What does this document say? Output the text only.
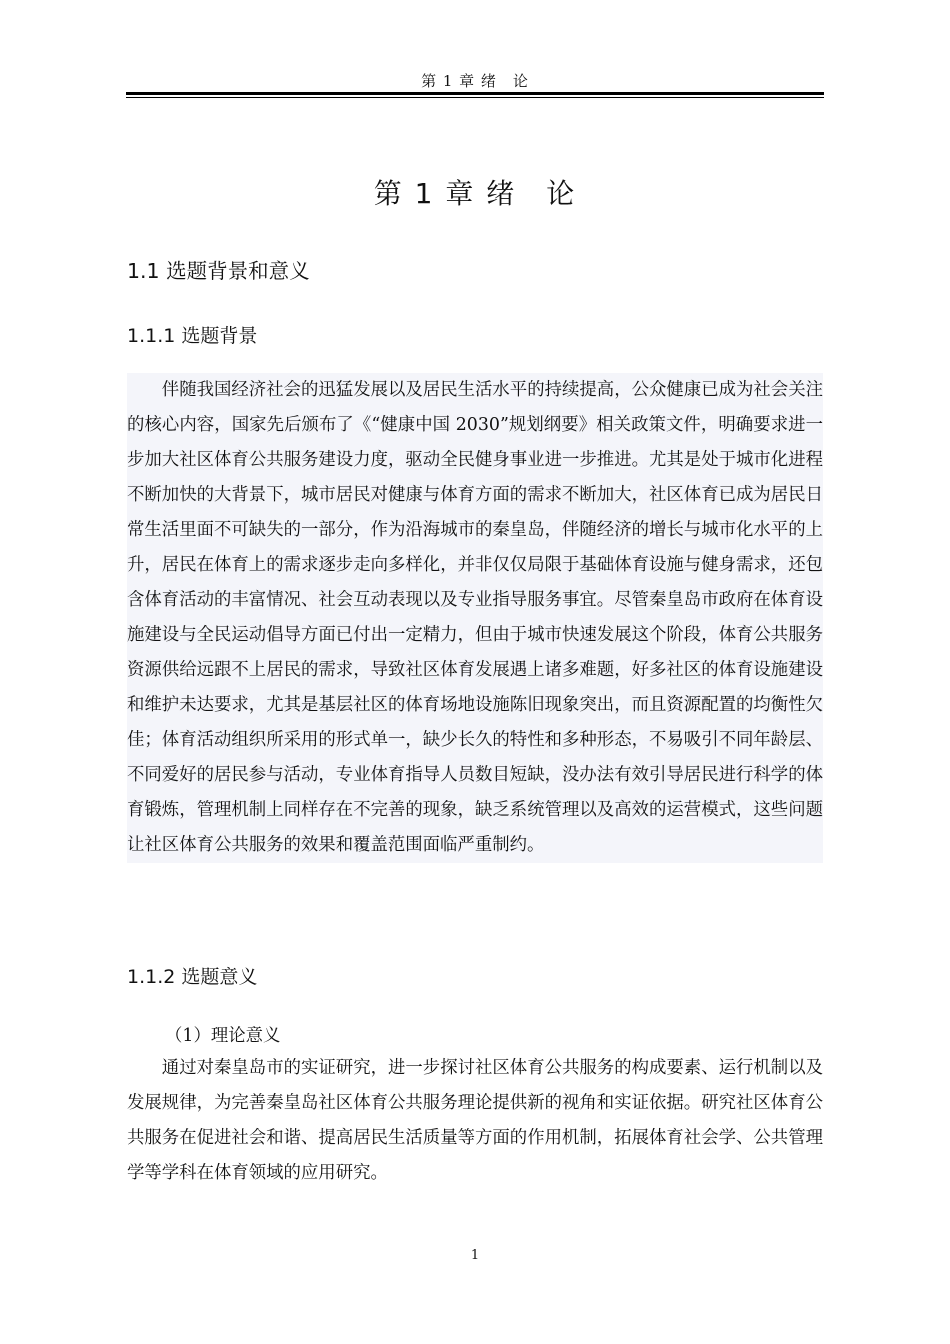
第 1 章 绪　论
第 1 章 绪　论
1.1 选题背景和意义
1.1.1 选题背景

伴随我国经济社会的迅猛发展以及居民生活水平的持续提高，公众健康已成为社会关注的核心内容，国家先后颁布了《“健康中国 2030”规划纲要》相关政策文件，明确要求进一步加大社区体育公共服务建设力度，驱动全民健身事业进一步推进。尤其是处于城市化进程不断加快的大背景下，城市居民对健康与体育方面的需求不断加大，社区体育已成为居民日常生活里面不可缺失的一部分，作为沿海城市的秦皇岛，伴随经济的增长与城市化水平的上升，居民在体育上的需求逐步走向多样化，并非仅仅局限于基础体育设施与健身需求，还包含体育活动的丰富情况、社会互动表现以及专业指导服务事宜。尽管秦皇岛市政府在体育设施建设与全民运动倡导方面已付出一定精力，但由于城市快速发展这个阶段，体育公共服务资源供给远跟不上居民的需求，导致社区体育发展遇上诸多难题，好多社区的体育设施建设和维护未达要求，尤其是基层社区的体育场地设施陈旧现象突出，而且资源配置的均衡性欠佳；体育活动组织所采用的形式单一，缺少长久的特性和多种形态，不易吸引不同年龄层、不同爱好的居民参与活动，专业体育指导人员数目短缺，没办法有效引导居民进行科学的体育锻炼，管理机制上同样存在不完善的现象，缺乏系统管理以及高效的运营模式，这些问题让社区体育公共服务的效果和覆盖范围面临严重制约。

1.1.2 选题意义
（1）理论意义

通过对秦皇岛市的实证研究，进一步探讨社区体育公共服务的构成要素、运行机制以及发展规律，为完善秦皇岛社区体育公共服务理论提供新的视角和实证依据。研究社区体育公共服务在促进社会和谐、提高居民生活质量等方面的作用机制，拓展体育社会学、公共管理学等学科在体育领域的应用研究。

1
